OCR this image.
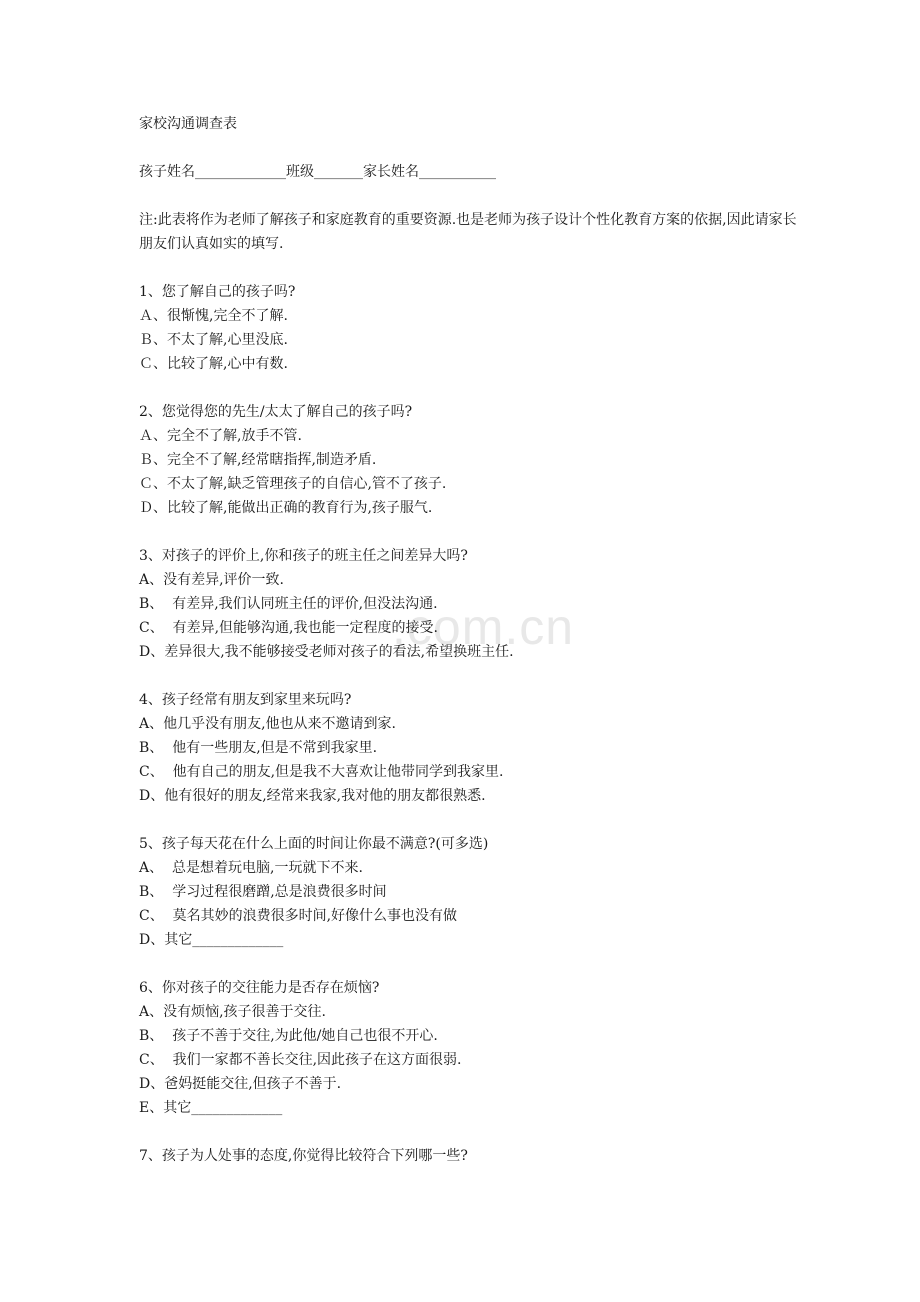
.com.cn
家校沟通调查表
孩子姓名_____________班级_______家长姓名___________
注:此表将作为老师了解孩子和家庭教育的重要资源.也是老师为孩子设计个性化教育方案的依据,因此请家长朋友们认真如实的填写.
1、您了解自己的孩子吗?
Ａ、很惭愧,完全不了解.
Ｂ、不太了解,心里没底.
Ｃ、比较了解,心中有数.
2、您觉得您的先生/太太了解自己的孩子吗?
Ａ、完全不了解,放手不管.
Ｂ、完全不了解,经常瞎指挥,制造矛盾.
Ｃ、不太了解,缺乏管理孩子的自信心,管不了孩子.
Ｄ、比较了解,能做出正确的教育行为,孩子服气.
3、对孩子的评价上,你和孩子的班主任之间差异大吗?
A、没有差异,评价一致.
B、  有差异,我们认同班主任的评价,但没法沟通.
C、  有差异,但能够沟通,我也能一定程度的接受.
D、差异很大,我不能够接受老师对孩子的看法,希望换班主任.
4、孩子经常有朋友到家里来玩吗?
A、他几乎没有朋友,他也从来不邀请到家.
B、  他有一些朋友,但是不常到我家里.
C、  他有自己的朋友,但是我不大喜欢让他带同学到我家里.
D、他有很好的朋友,经常来我家,我对他的朋友都很熟悉.
5、孩子每天花在什么上面的时间让你最不满意?(可多选)
A、  总是想着玩电脑,一玩就下不来.
B、  学习过程很磨蹭,总是浪费很多时间
C、  莫名其妙的浪费很多时间,好像什么事也没有做
D、其它_____________
6、你对孩子的交往能力是否存在烦恼?
A、没有烦恼,孩子很善于交往.
B、  孩子不善于交往,为此他/她自己也很不开心.
C、  我们一家都不善长交往,因此孩子在这方面很弱.
D、爸妈挺能交往,但孩子不善于.
E、其它_____________
7、孩子为人处事的态度,你觉得比较符合下列哪一些?
